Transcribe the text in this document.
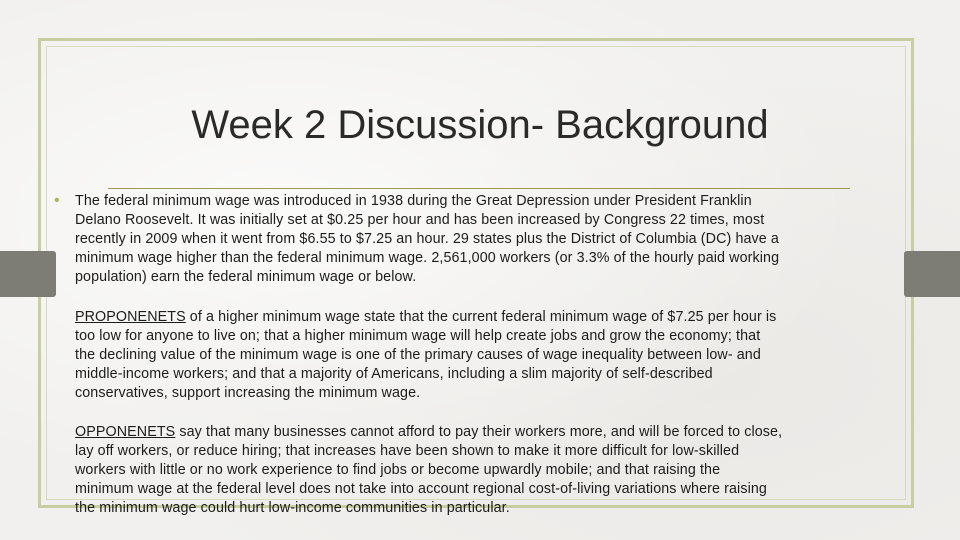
Week 2 Discussion- Background
• The federal minimum wage was introduced in 1938 during the Great Depression under President Franklin
Delano Roosevelt. It was initially set at $0.25 per hour and has been increased by Congress 22 times, most
recently in 2009 when it went from $6.55 to $7.25 an hour. 29 states plus the District of Columbia (DC) have a
minimum wage higher than the federal minimum wage. 2,561,000 workers (or 3.3% of the hourly paid working
population) earn the federal minimum wage or below.
PROPONENETS of a higher minimum wage state that the current federal minimum wage of $7.25 per hour is
too low for anyone to live on; that a higher minimum wage will help create jobs and grow the economy; that
the declining value of the minimum wage is one of the primary causes of wage inequality between low- and
middle-income workers; and that a majority of Americans, including a slim majority of self-described
conservatives, support increasing the minimum wage.
OPPONENETS say that many businesses cannot afford to pay their workers more, and will be forced to close,
lay off workers, or reduce hiring; that increases have been shown to make it more difficult for low-skilled
workers with little or no work experience to find jobs or become upwardly mobile; and that raising the
minimum wage at the federal level does not take into account regional cost-of-living variations where raising
the minimum wage could hurt low-income communities in particular.
